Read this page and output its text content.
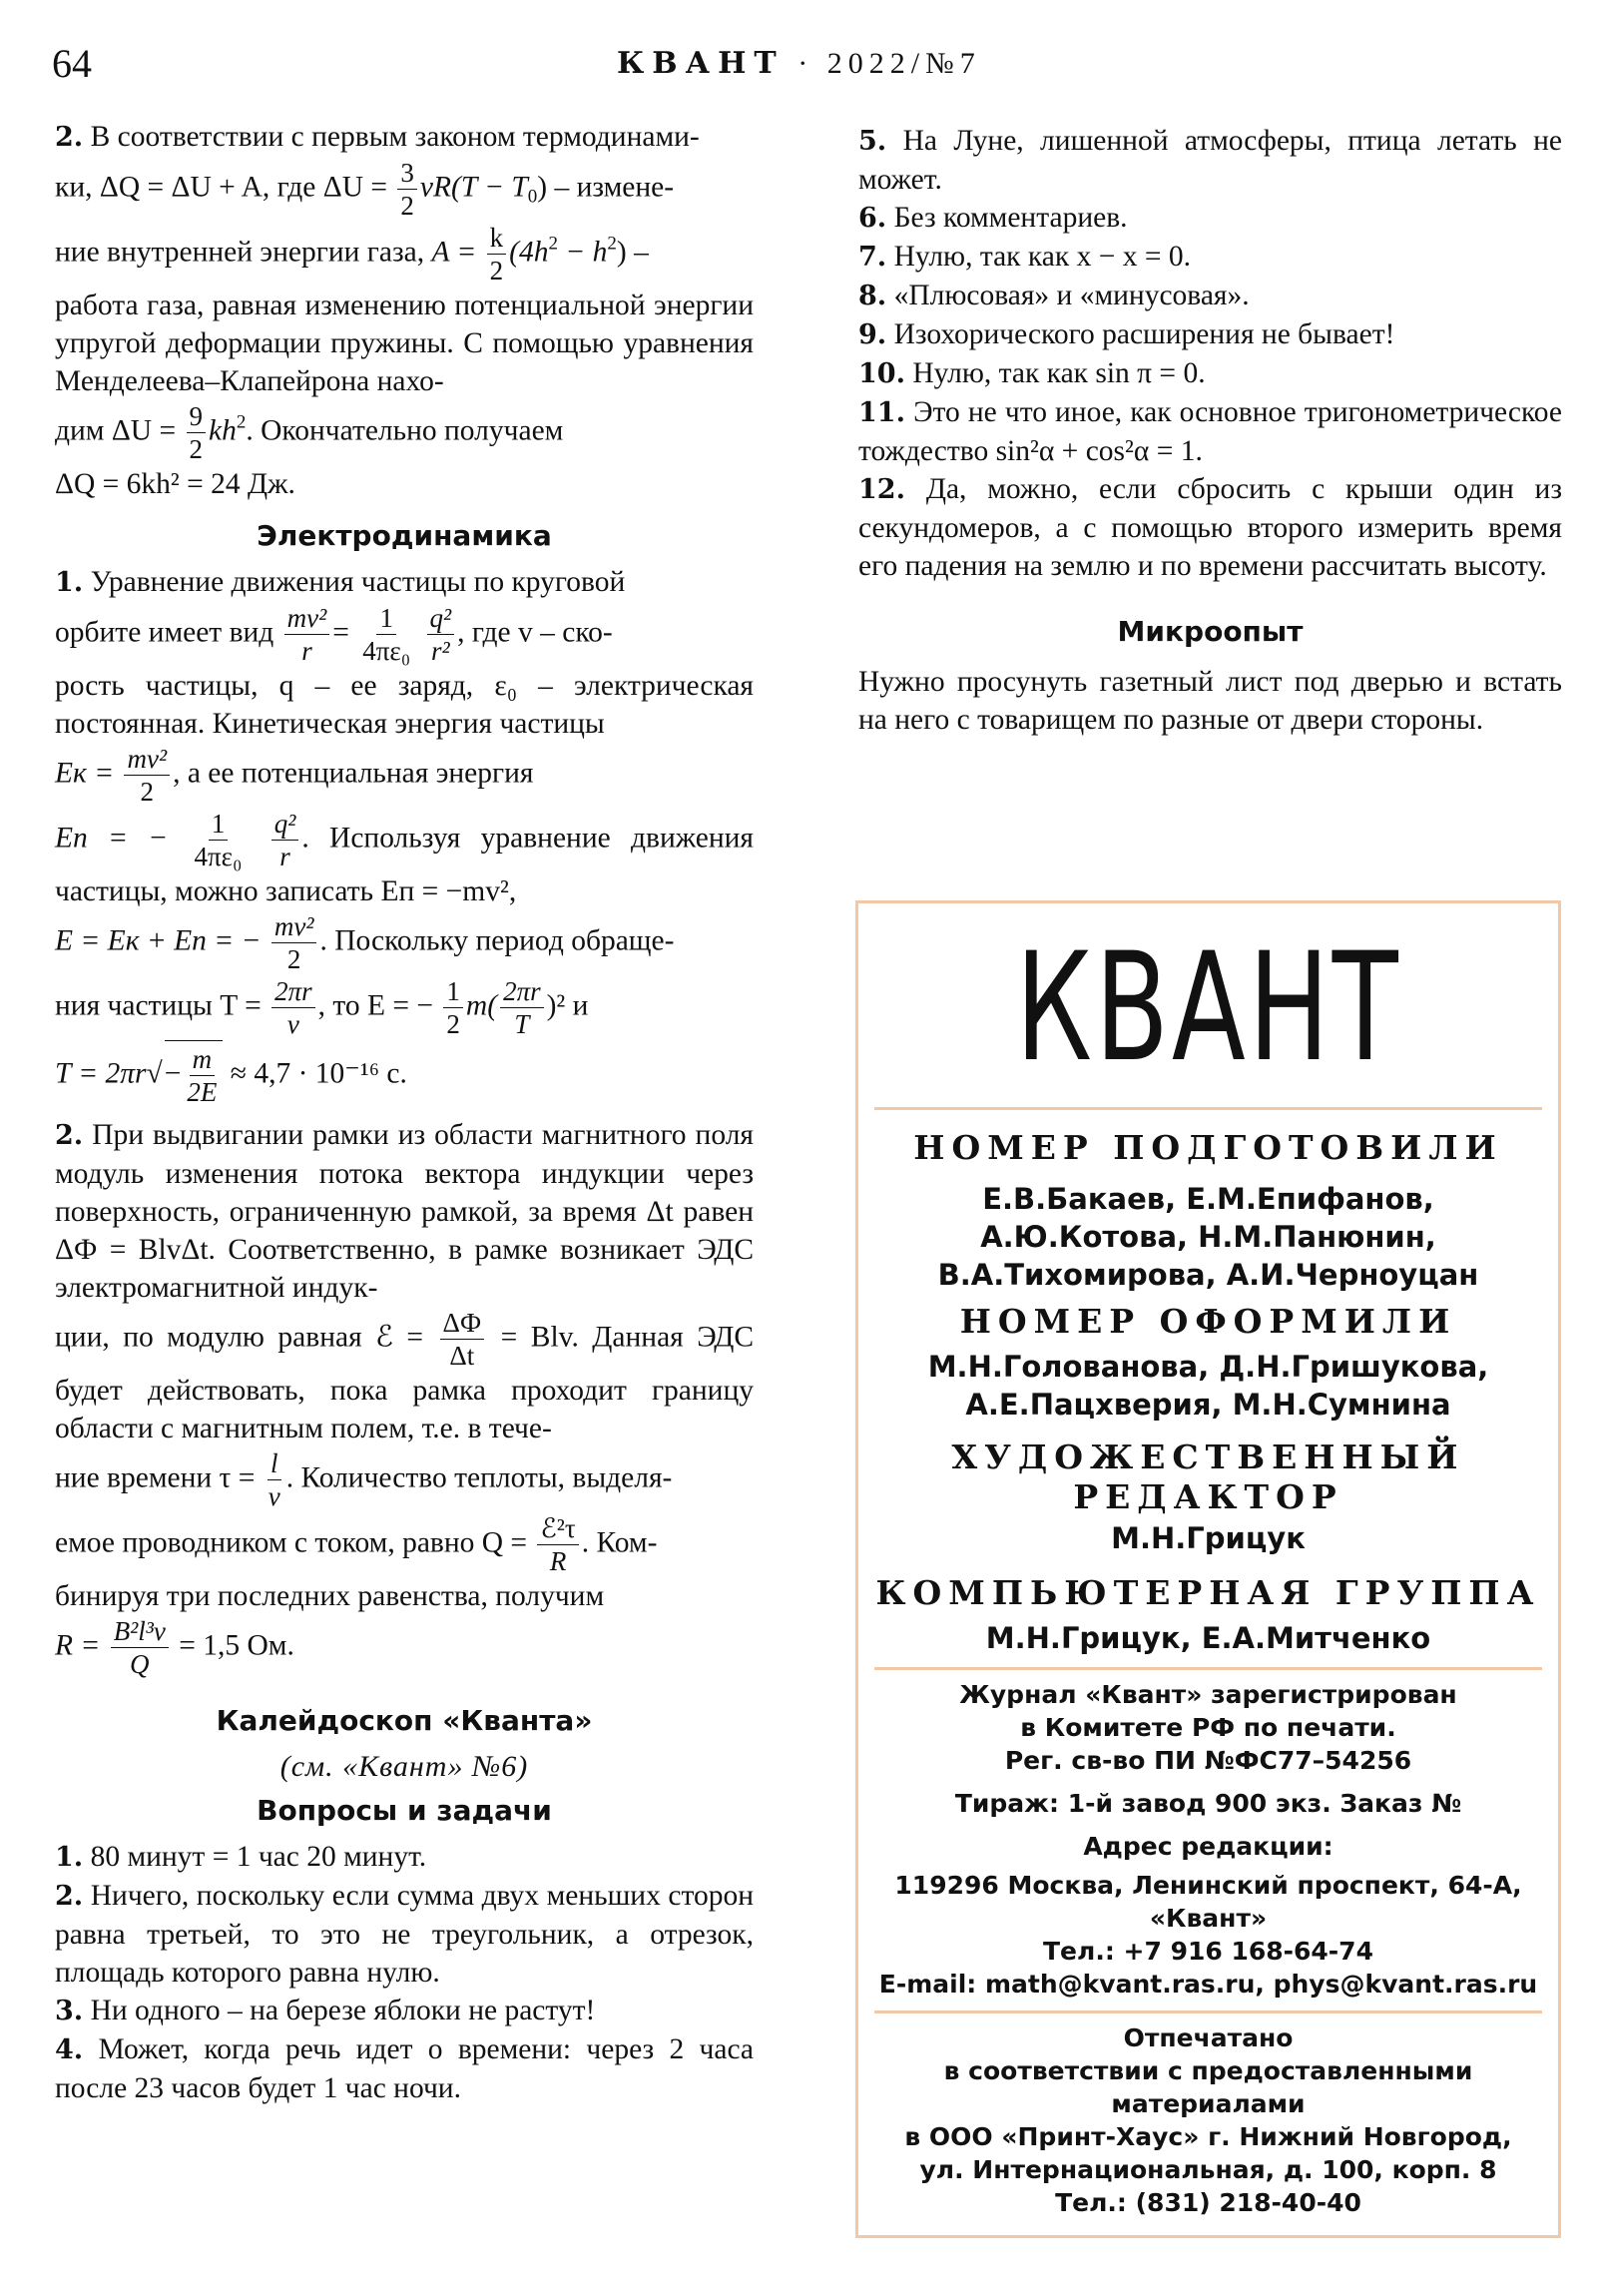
64	КВАНТ · 2022/№7

2. В соответствии с первым законом термодинами-

ки, ΔQ = ΔU + A, где $\Delta U = \frac{3}{2} \nu R(T - T_0)$ – измене-

ние внутренней энергии газа, $A = \frac{k}{2} (4h^2 - h^2)$ –

работа газа, равная изменению потенциальной энергии упругой деформации пружины. С помощью уравнения Менделеева–Клапейрона нахо-

дим $\Delta U = \frac{9}{2} kh^2$. Окончательно получаем

ΔQ = 6kh² = 24 Дж.

Электродинамика

1. Уравнение движения частицы по круговой

орбите имеет вид $\frac{\text{mv²}}{r} = \frac{1}{\text{4πε₀}}$
$\frac{\text{q²}}{\text{r²}}$ , где v – ско-

рость частицы, q – ее заряд, ε₀ – электрическая постоянная. Кинетическая энергия частицы

Eк = $\frac{\text{mv²}}{2}$ , а ее потенциальная энергия

Eп = − $\frac{1}{\text{4πε₀}}$
$\frac{\text{q²}}{r}$ . Используя уравнение движения частицы, можно записать Eп = −mv²,

E = Eк + Eп = − $\frac{\text{mv²}}{2}$ . Поскольку период обраще-

ния частицы $T = \frac{2\pi r}{v}$ , то E = − $\frac{1}{2} m( \frac{2\pi r}{T} )^2$ и

$T = 2\pi r√- \frac{m}{2E} \approx 4,7 \cdot 10^{-16}$ с.

2. При выдвигании рамки из области магнитного поля модуль изменения потока вектора индукции через поверхность, ограниченную рамкой, за время Δt равен ΔФ = BlvΔt. Соответственно, в рамке возникает ЭДС электромагнитной индук-

ции, по модулю равная ℰ = $\frac{\Delta Ф}{\Delta t}$ = Blv. Данная ЭДС будет действовать, пока рамка проходит границу области с магнитным полем, т.е. в тече-

ние времени $\tau = \frac{l}{v}$ . Количество теплоты, выделя-

емое проводником с током, равно $Q = \frac{\text{ℰ²τ}}{R}$ . Ком-

бинируя три последних равенства, получим

$R = \frac{\text{B²l³v}}{Q} = 1,5$ Ом.

Калейдоскоп «Кванта»
(см. «Квант» №6)
Вопросы и задачи

1. 80 минут = 1 час 20 минут.

2. Ничего, поскольку если сумма двух меньших сторон равна третьей, то это не треугольник, а отрезок, площадь которого равна нулю.

3. Ни одного – на березе яблоки не растут!

4. Может, когда речь идет о времени: через 2 часа после 23 часов будет 1 час ночи.

5. На Луне, лишенной атмосферы, птица летать не может.

6. Без комментариев.

7. Нулю, так как x − x = 0.

8. «Плюсовая» и «минусовая».

9. Изохорического расширения не бывает!

10. Нулю, так как sin π = 0.

11. Это не что иное, как основное тригонометрическое тождество sin²α + cos²α = 1.

12. Да, можно, если сбросить с крыши один из секундомеров, а с помощью второго измерить время его падения на землю и по времени рассчитать высоту.

Микроопыт

Нужно просунуть газетный лист под дверью и встать на него с товарищем по разные от двери стороны.

КВАНТ

НОМЕР ПОДГОТОВИЛИ

Е.В.Бакаев, Е.М.Епифанов,

А.Ю.Котова, Н.М.Панюнин,

В.А.Тихомирова, А.И.Черноуцан

НОМЕР ОФОРМИЛИ

М.Н.Голованова, Д.Н.Гришукова,

А.Е.Пацхверия, М.Н.Сумнина

ХУДОЖЕСТВЕННЫЙ

РЕДАКТОР

М.Н.Грицук

КОМПЬЮТЕРНАЯ ГРУППА

М.Н.Грицук, Е.А.Митченко

Журнал «Квант» зарегистрирован

в Комитете РФ по печати.

Рег. св-во ПИ №ФС77–54256

Тираж: 1-й завод 900 экз. Заказ №

Адрес редакции:

119296 Москва, Ленинский проспект, 64-А,

«Квант»

Тел.: +7 916 168-64-74

E-mail: math@kvant.ras.ru, phys@kvant.ras.ru

Отпечатано

в соответствии с предоставленными

материалами

в ООО «Принт-Хаус» г. Нижний Новгород,

ул. Интернациональная, д. 100, корп. 8

Тел.: (831) 218-40-40
